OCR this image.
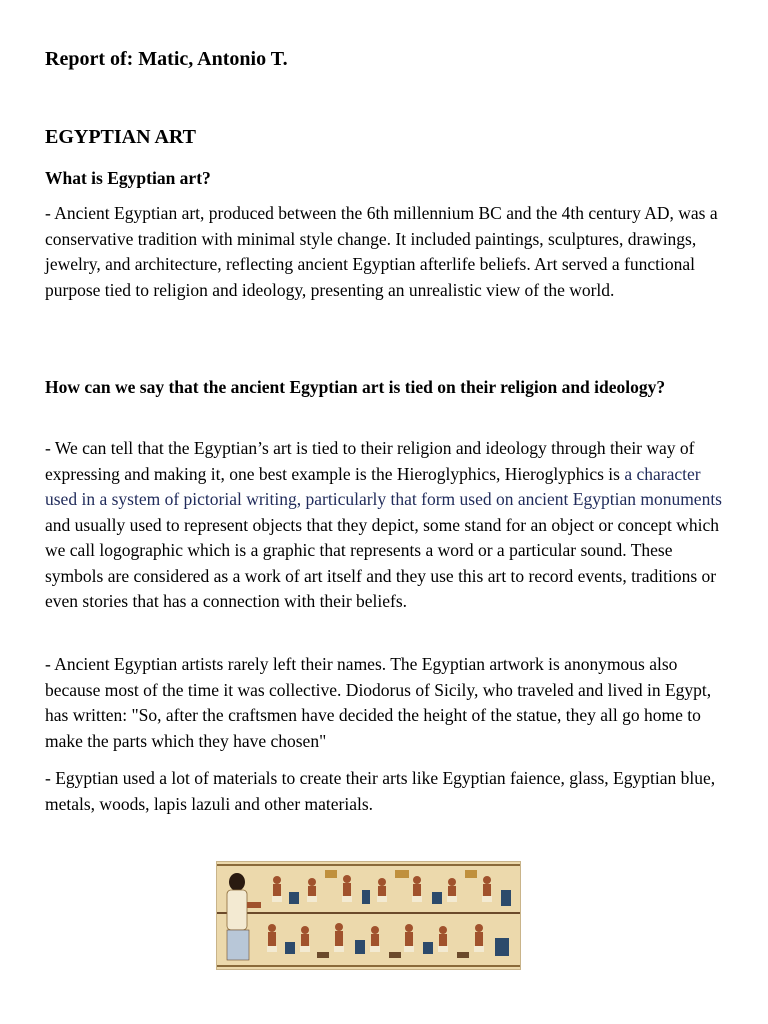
Report of: Matic, Antonio T.
EGYPTIAN ART

What is Egyptian art?

- Ancient Egyptian art, produced between the 6th millennium BC and the 4th century AD, was a conservative tradition with minimal style change. It included paintings, sculptures, drawings, jewelry, and architecture, reflecting ancient Egyptian afterlife beliefs. Art served a functional purpose tied to religion and ideology, presenting an unrealistic view of the world.

How can we say that the ancient Egyptian art is tied on their religion and ideology?

- We can tell that the Egyptian’s art is tied to their religion and ideology through their way of expressing and making it, one best example is the Hieroglyphics, Hieroglyphics is a character used in a system of pictorial writing, particularly that form used on ancient Egyptian monuments and usually used to represent objects that they depict, some stand for an object or concept which we call logographic which is a graphic that represents a word or a particular sound. These symbols are considered as a work of art itself and they use this art to record events, traditions or even stories that has a connection with their beliefs.

- Ancient Egyptian artists rarely left their names. The Egyptian artwork is anonymous also because most of the time it was collective. Diodorus of Sicily, who traveled and lived in Egypt, has written: "So, after the craftsmen have decided the height of the statue, they all go home to make the parts which they have chosen"

- Egyptian used a lot of materials to create their arts like Egyptian faience, glass, Egyptian blue, metals, woods, lapis lazuli and other materials.
